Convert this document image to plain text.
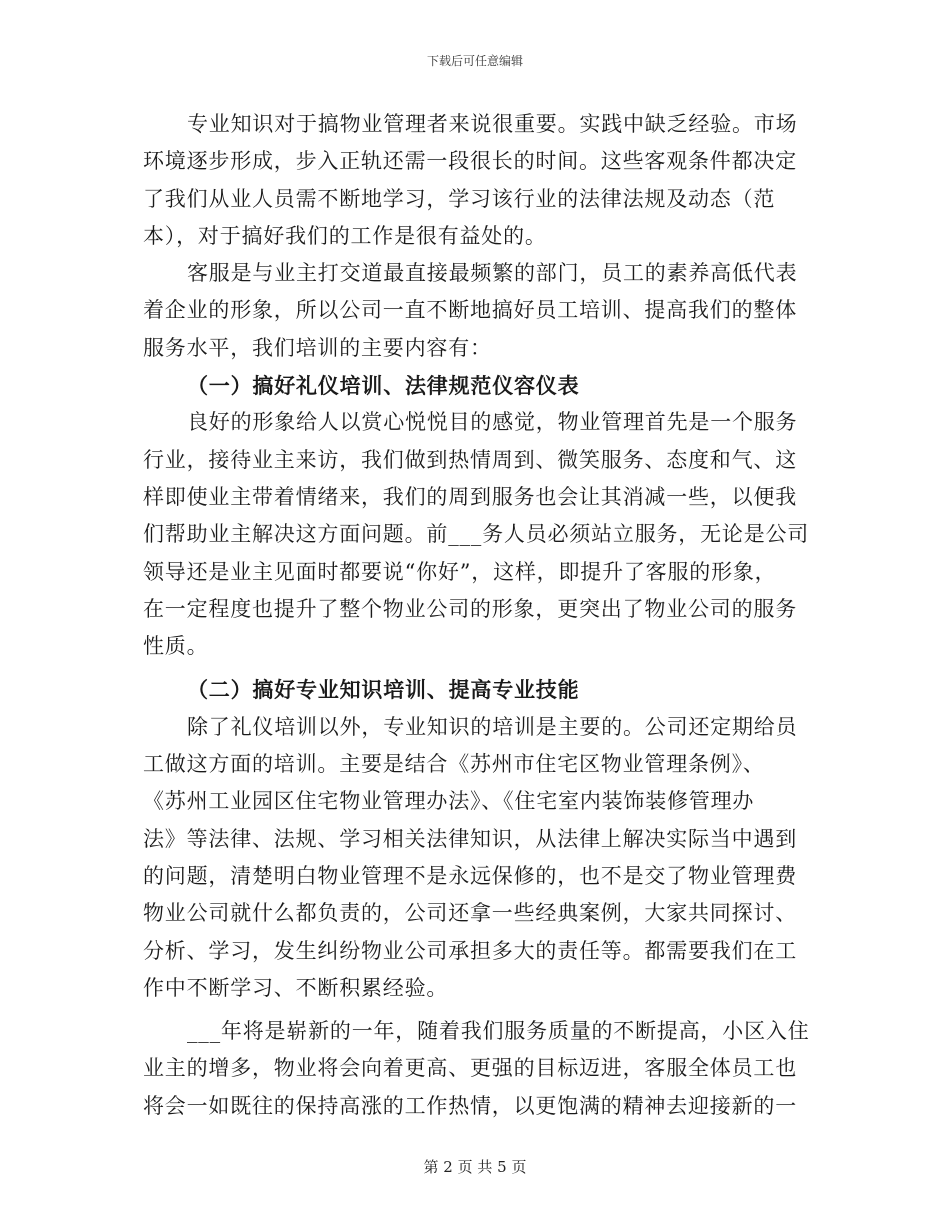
下载后可任意编辑
专业知识对于搞物业管理者来说很重要。实践中缺乏经验。市场
环境逐步形成，步入正轨还需一段很长的时间。这些客观条件都决定
了我们从业人员需不断地学习，学习该行业的法律法规及动态（范
本），对于搞好我们的工作是很有益处的。
客服是与业主打交道最直接最频繁的部门，员工的素养高低代表
着企业的形象，所以公司一直不断地搞好员工培训、提高我们的整体
服务水平，我们培训的主要内容有：
（一）搞好礼仪培训、法律规范仪容仪表
良好的形象给人以赏心悦悦目的感觉，物业管理首先是一个服务
行业，接待业主来访，我们做到热情周到、微笑服务、态度和气、这
样即使业主带着情绪来，我们的周到服务也会让其消减一些，以便我
们帮助业主解决这方面问题。前___务人员必须站立服务，无论是公司
领导还是业主见面时都要说“你好”，这样，即提升了客服的形象，
在一定程度也提升了整个物业公司的形象，更突出了物业公司的服务
性质。
（二）搞好专业知识培训、提高专业技能
除了礼仪培训以外，专业知识的培训是主要的。公司还定期给员
工做这方面的培训。主要是结合《苏州市住宅区物业管理条例》、
《苏州工业园区住宅物业管理办法》、《住宅室内装饰装修管理办
法》等法律、法规、学习相关法律知识，从法律上解决实际当中遇到
的问题，清楚明白物业管理不是永远保修的，也不是交了物业管理费
物业公司就什么都负责的，公司还拿一些经典案例，大家共同探讨、
分析、学习，发生纠纷物业公司承担多大的责任等。都需要我们在工
作中不断学习、不断积累经验。
___年将是崭新的一年，随着我们服务质量的不断提高，小区入住
业主的增多，物业将会向着更高、更强的目标迈进，客服全体员工也
将会一如既往的保持高涨的工作热情，以更饱满的精神去迎接新的一
第 2 页 共 5 页
